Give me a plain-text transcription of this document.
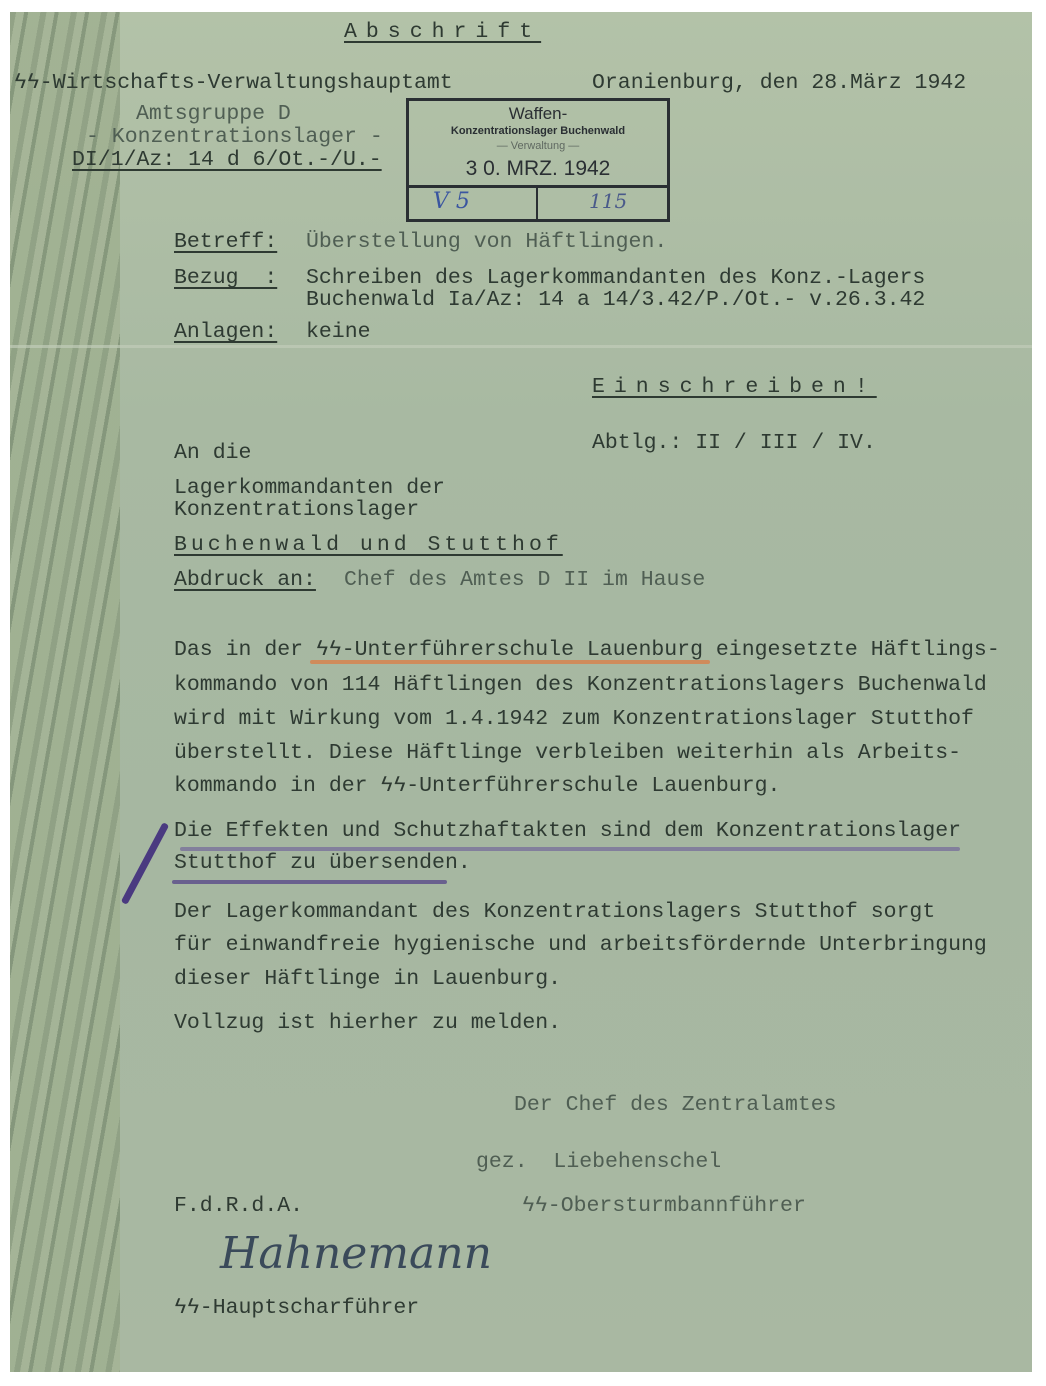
Abschrift
ϟϟ-Wirtschafts-Verwaltungshauptamt	Oranienburg, den 28.März 1942
Amtsgruppe D
- Konzentrationslager -
DI/1/Az: 14 d 6/Ot.-/U.-
Waffen-
Konzentrationslager Buchenwald
— Verwaltung —
3 0. MRZ. 1942
V 5	115
Betreff: Überstellung von Häftlingen.
Bezug  : Schreiben des Lagerkommandanten des Konz.-Lagers
Buchenwald Ia/Az: 14 a 14/3.42/P./Ot.- v.26.3.42
Anlagen: keine
Einschreiben!
Abtlg.: II / III / IV.
An die
Lagerkommandanten der
Konzentrationslager
Buchenwald und Stutthof
Abdruck an: Chef des Amtes D II im Hause
Das in der ϟϟ-Unterführerschule Lauenburg eingesetzte Häftlings-
kommando von 114 Häftlingen des Konzentrationslagers Buchenwald
wird mit Wirkung vom 1.4.1942 zum Konzentrationslager Stutthof
überstellt. Diese Häftlinge verbleiben weiterhin als Arbeits-
kommando in der ϟϟ-Unterführerschule Lauenburg.
Die Effekten und Schutzhaftakten sind dem Konzentrationslager
Stutthof zu übersenden.
Der Lagerkommandant des Konzentrationslagers Stutthof sorgt
für einwandfreie hygienische und arbeitsfördernde Unterbringung
dieser Häftlinge in Lauenburg.
Vollzug ist hierher zu melden.
Der Chef des Zentralamtes
gez.  Liebehenschel
ϟϟ-Obersturmbannführer
F.d.R.d.A.
Hahnemann
ϟϟ-Hauptscharführer
